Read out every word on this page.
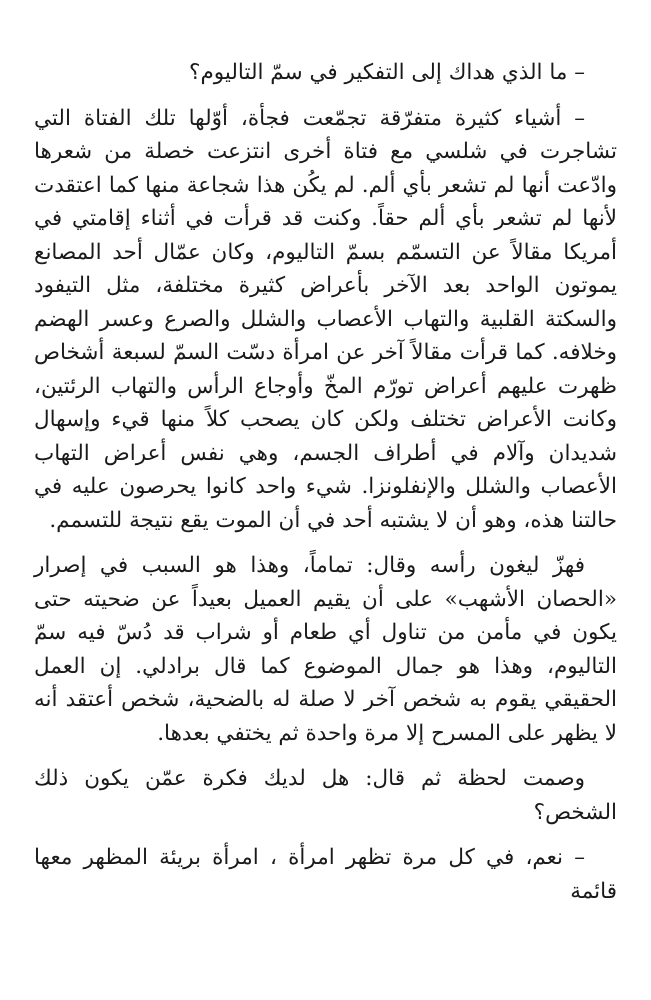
– ما الذي هداك إلى التفكير في سمّ التاليوم؟

– أشياء كثيرة متفرّقة تجمّعت فجأة، أوّلها تلك الفتاة التي تشاجرت في شلسي مع فتاة أخرى انتزعت خصلة من شعرها وادّعت أنها لم تشعر بأي ألم. لم يكُن هذا شجاعة منها كما اعتقدت لأنها لم تشعر بأي ألم حقاً. وكنت قد قرأت في أثناء إقامتي في أمريكا مقالاً عن التسمّم بسمّ التاليوم، وكان عمّال أحد المصانع يموتون الواحد بعد الآخر بأعراض كثيرة مختلفة، مثل التيفود والسكتة القلبية والتهاب الأعصاب والشلل والصرع وعسر الهضم وخلافه. كما قرأت مقالاً آخر عن امرأة دسّت السمّ لسبعة أشخاص ظهرت عليهم أعراض تورّم المخّ وأوجاع الرأس والتهاب الرئتين، وكانت الأعراض تختلف ولكن كان يصحب كلاً منها قيء وإسهال شديدان وآلام في أطراف الجسم، وهي نفس أعراض التهاب الأعصاب والشلل والإنفلونزا. شيء واحد كانوا يحرصون عليه في حالتنا هذه، وهو أن لا يشتبه أحد في أن الموت يقع نتيجة للتسمم.

فهزّ ليغون رأسه وقال: تماماً، وهذا هو السبب في إصرار «الحصان الأشهب» على أن يقيم العميل بعيداً عن ضحيته حتى يكون في مأمن من تناول أي طعام أو شراب قد دُسّ فيه سمّ التاليوم، وهذا هو جمال الموضوع كما قال برادلي. إن العمل الحقيقي يقوم به شخص آخر لا صلة له بالضحية، شخص أعتقد أنه لا يظهر على المسرح إلا مرة واحدة ثم يختفي بعدها.

وصمت لحظة ثم قال: هل لديك فكرة عمّن يكون ذلك الشخص؟

– نعم، في كل مرة تظهر امرأة ، امرأة بريئة المظهر معها قائمة
